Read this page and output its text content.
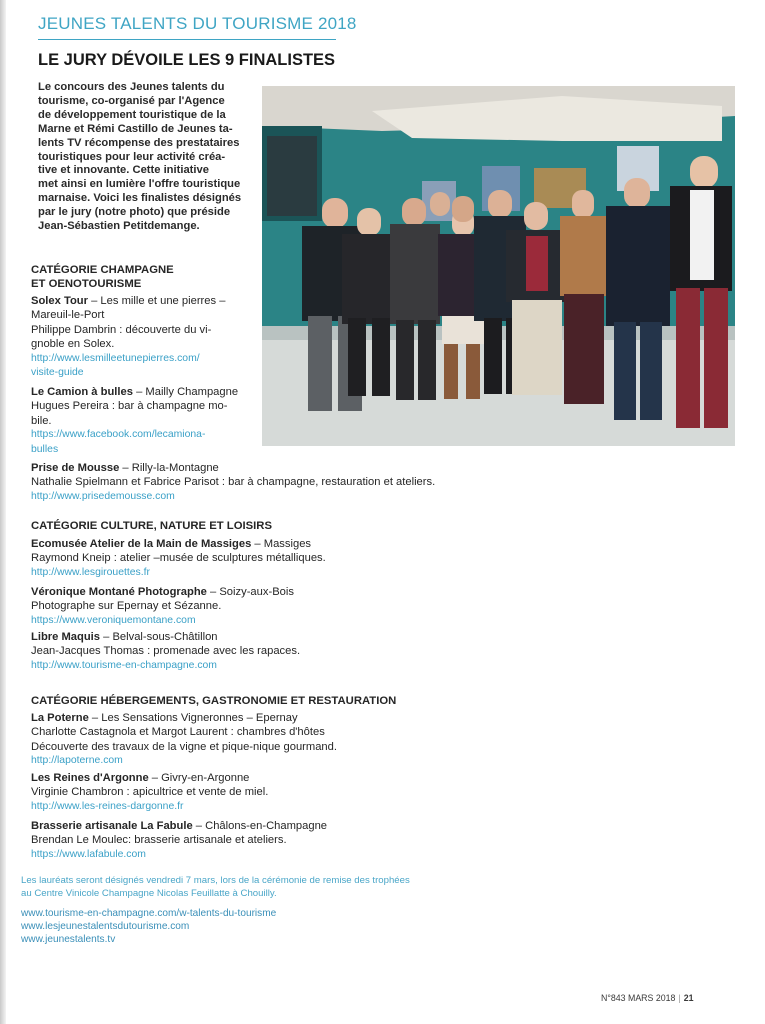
JEUNES TALENTS DU TOURISME 2018
LE JURY DÉVOILE LES 9 FINALISTES
Le concours des Jeunes talents du
tourisme, co-organisé par l'Agence
de développement touristique de la
Marne et Rémi Castillo de Jeunes ta-
lents TV récompense des prestataires
touristiques pour leur activité créa-
tive et innovante. Cette initiative
met ainsi en lumière l'offre touristique
marnaise. Voici les finalistes désignés
par le jury (notre photo) que préside
Jean-Sébastien Petitdemange.
CATÉGORIE CHAMPAGNE
ET OENOTOURISME
Solex Tour – Les mille et une pierres –
Mareuil-le-Port
Philippe Dambrin : découverte du vi-
gnoble en Solex.
http://www.lesmilleetunepierres.com/
visite-guide
Le Camion à bulles – Mailly Champagne
Hugues Pereira : bar à champagne mo-
bile.
https://www.facebook.com/lecamiona-
bulles
Prise de Mousse – Rilly-la-Montagne
Nathalie Spielmann et Fabrice Parisot : bar à champagne, restauration et ateliers.
http://www.prisedemousse.com
CATÉGORIE CULTURE, NATURE ET LOISIRS
Ecomusée Atelier de la Main de Massiges – Massiges
Raymond Kneip : atelier –musée de sculptures métalliques.
http://www.lesgirouettes.fr
Véronique Montané Photographe – Soizy-aux-Bois
Photographe sur Epernay et Sézanne.
https://www.veroniquemontane.com
Libre Maquis – Belval-sous-Châtillon
Jean-Jacques Thomas : promenade avec les rapaces.
http://www.tourisme-en-champagne.com
CATÉGORIE HÉBERGEMENTS, GASTRONOMIE ET RESTAURATION
La Poterne – Les Sensations Vigneronnes – Epernay
Charlotte Castagnola et Margot Laurent : chambres d'hôtes
Découverte des travaux de la vigne et pique-nique gourmand.
http://lapoterne.com
Les Reines d'Argonne – Givry-en-Argonne
Virginie Chambron : apicultrice et vente de miel.
http://www.les-reines-dargonne.fr
Brasserie artisanale La Fabule – Châlons-en-Champagne
Brendan Le Moulec: brasserie artisanale et ateliers.
https://www.lafabule.com
Les lauréats seront désignés vendredi 7 mars, lors de la cérémonie de remise des trophées
au Centre Vinicole Champagne Nicolas Feuillatte à Chouilly.
www.tourisme-en-champagne.com/w-talents-du-tourisme
www.lesjeunestalentsdutourisme.com
www.jeunestalents.tv
N°843 MARS 2018 | 21
